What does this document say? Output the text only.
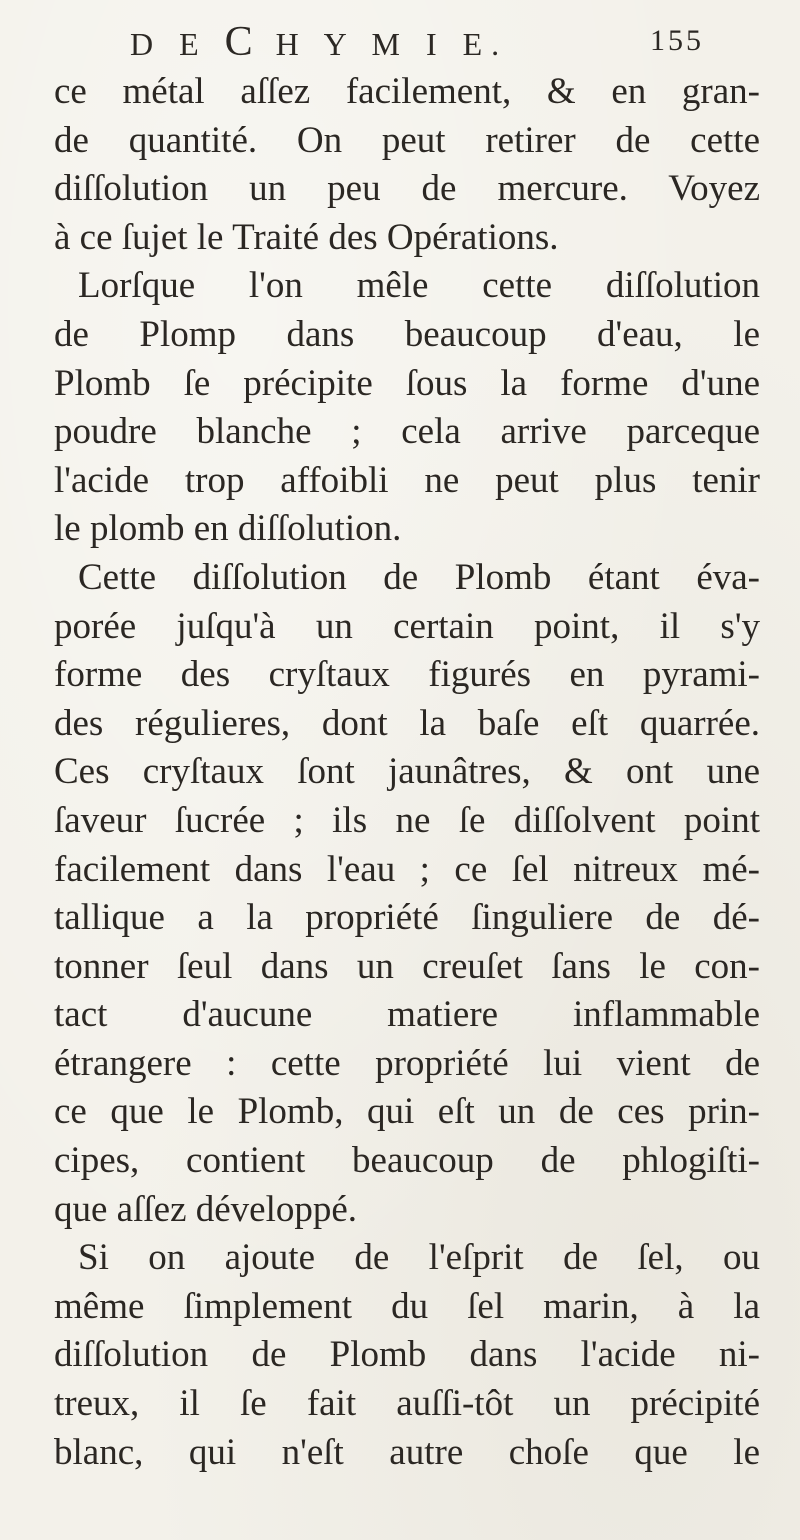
D E C H Y M I E.	155
ce métal aſſez facilement, & en gran-
de quantité. On peut retirer de cette
diſſolution un peu de mercure. Voyez
à ce ſujet le Traité des Opérations.
Lorſque l'on mêle cette diſſolution
de Plomp dans beaucoup d'eau, le
Plomb ſe précipite ſous la forme d'une
poudre blanche ; cela arrive parceque
l'acide trop affoibli ne peut plus tenir
le plomb en diſſolution.
Cette diſſolution de Plomb étant éva-
porée juſqu'à un certain point, il s'y
forme des cryſtaux figurés en pyrami-
des régulieres, dont la baſe eſt quarrée.
Ces cryſtaux ſont jaunâtres, & ont une
ſaveur ſucrée ; ils ne ſe diſſolvent point
facilement dans l'eau ; ce ſel nitreux mé-
tallique a la propriété ſinguliere de dé-
tonner ſeul dans un creuſet ſans le con-
tact d'aucune matiere inflammable
étrangere : cette propriété lui vient de
ce que le Plomb, qui eſt un de ces prin-
cipes, contient beaucoup de phlogiſti-
que aſſez développé.
Si on ajoute de l'eſprit de ſel, ou
même ſimplement du ſel marin, à la
diſſolution de Plomb dans l'acide ni-
treux, il ſe fait auſſi-tôt un précipité
blanc, qui n'eſt autre choſe que le
